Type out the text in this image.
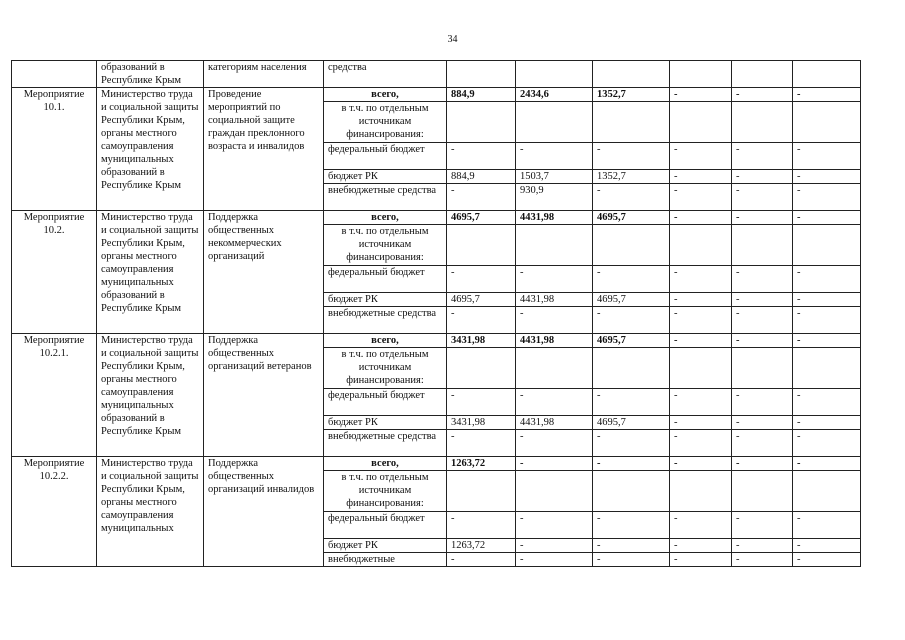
34
	образований в Республике Крым	категориям населения	средства						
Мероприятие 10.1.	Министерство труда и социальной защиты Республики Крым, органы местного самоуправления муниципальных образований в Республике Крым	Проведение мероприятий по социальной защите граждан преклонного возраста и инвалидов	всего,	884,9	2434,6	1352,7	-	-	-
			в т.ч. по отдельным источникам финансирования:						
			федеральный бюджет	-	-	-	-	-	-
			бюджет РК	884,9	1503,7	1352,7	-	-	-
			внебюджетные средства	-	930,9	-	-	-	-
Мероприятие 10.2.	Министерство труда и социальной защиты Республики Крым, органы местного самоуправления муниципальных образований в Республике Крым	Поддержка общественных некоммерческих организаций	всего,	4695,7	4431,98	4695,7	-	-	-
			в т.ч. по отдельным источникам финансирования:						
			федеральный бюджет	-	-	-	-	-	-
			бюджет РК	4695,7	4431,98	4695,7	-	-	-
			внебюджетные средства	-	-	-	-	-	-
Мероприятие 10.2.1.	Министерство труда и социальной защиты Республики Крым, органы местного самоуправления муниципальных образований в Республике Крым	Поддержка общественных организаций ветеранов	всего,	3431,98	4431,98	4695,7	-	-	-
			в т.ч. по отдельным источникам финансирования:						
			федеральный бюджет	-	-	-	-	-	-
			бюджет РК	3431,98	4431,98	4695,7	-	-	-
			внебюджетные средства	-	-	-	-	-	-
Мероприятие 10.2.2.	Министерство труда и социальной защиты Республики Крым, органы местного самоуправления муниципальных	Поддержка общественных организаций инвалидов	всего,	1263,72	-	-	-	-	-
			в т.ч. по отдельным источникам финансирования:						
			федеральный бюджет	-	-	-	-	-	-
			бюджет РК	1263,72	-	-	-	-	-
			внебюджетные	-	-	-	-	-	-
